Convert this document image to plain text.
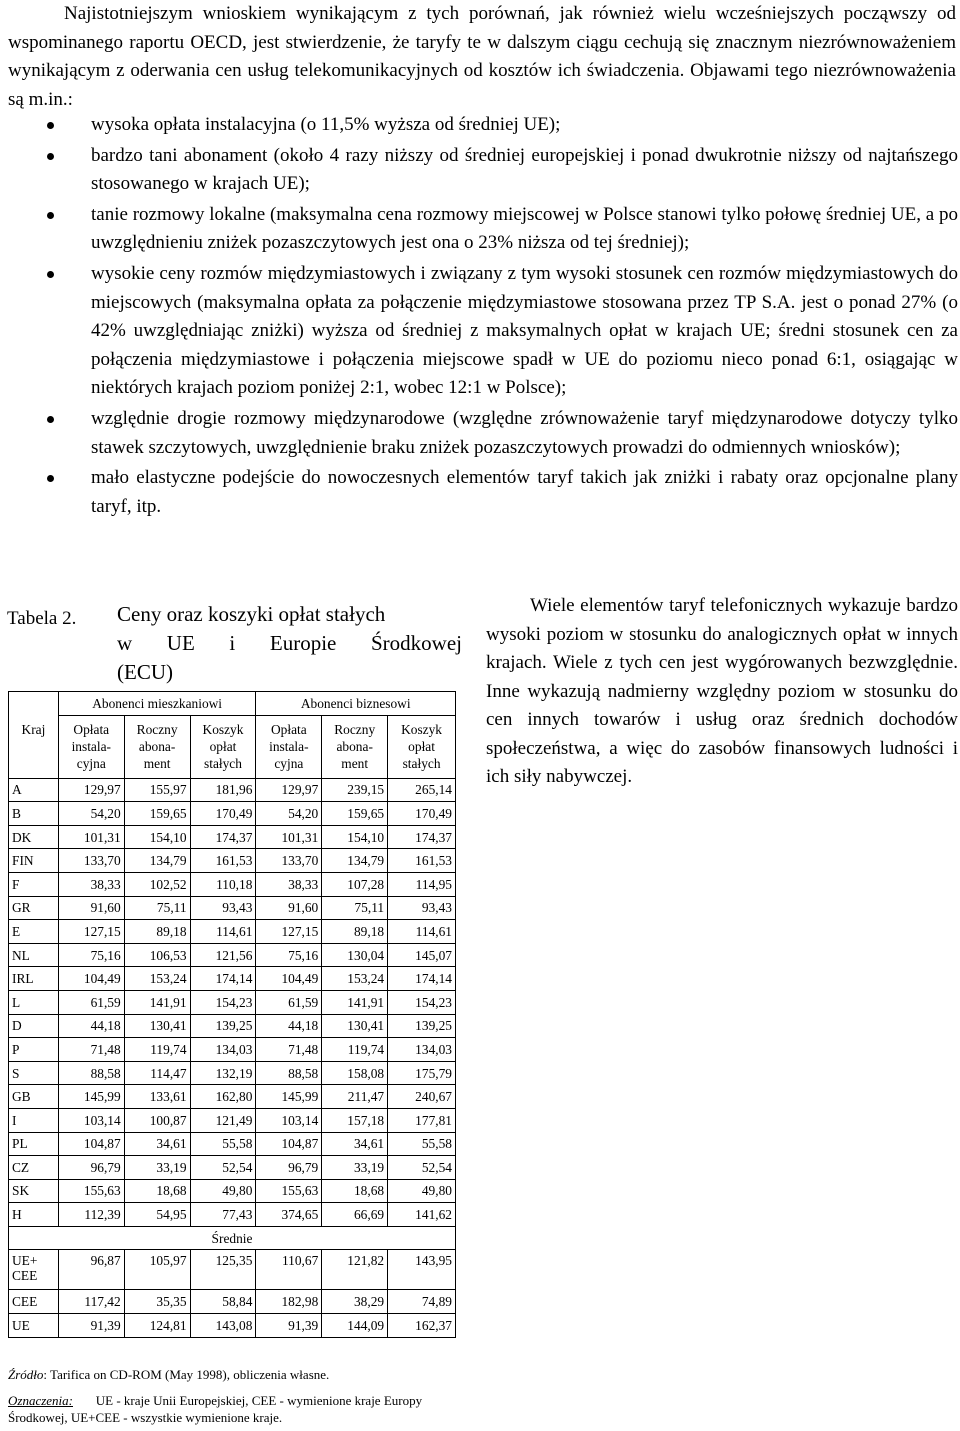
Najistotniejszym wnioskiem wynikającym z tych porównań, jak również wielu wcześniejszych począwszy od wspominanego raportu OECD, jest stwierdzenie, że taryfy te w dalszym ciągu cechują się znacznym niezrównoważeniem wynikającym z oderwania cen usług telekomunikacyjnych od kosztów ich świadczenia. Objawami tego niezrównoważenia są m.in.:

wysoka opłata instalacyjna (o 11,5% wyższa od średniej UE);
bardzo tani abonament (około 4 razy niższy od średniej europejskiej i ponad dwukrotnie niższy od najtańszego stosowanego w krajach UE);
tanie rozmowy lokalne (maksymalna cena rozmowy miejscowej w Polsce stanowi tylko połowę średniej UE, a po uwzględnieniu zniżek pozaszczytowych jest ona o 23% niższa od tej średniej);
wysokie ceny rozmów międzymiastowych i związany z tym wysoki stosunek cen rozmów międzymiastowych do miejscowych (maksymalna opłata za połączenie międzymiastowe stosowana przez TP S.A. jest o ponad 27% (o 42% uwzględniając zniżki) wyższa od średniej z maksymalnych opłat w krajach UE; średni stosunek cen za połączenia międzymiastowe i połączenia miejscowe spadł w UE do poziomu nieco ponad 6:1, osiągając w niektórych krajach poziom poniżej 2:1, wobec 12:1 w Polsce);
względnie drogie rozmowy międzynarodowe (względne zrównoważenie taryf międzynarodowe dotyczy tylko stawek szczytowych, uwzględnienie braku zniżek pozaszczytowych prowadzi do odmiennych wniosków);
mało elastyczne podejście do nowoczesnych elementów taryf takich jak zniżki i rabaty oraz opcjonalne plany taryf, itp.
Tabela 2. Ceny oraz koszyki opłat stałych
w UE i Europie Środkowej
(ECU)

Wiele elementów taryf telefonicznych wykazuje bardzo wysoki poziom w stosunku do analogicznych opłat w innych krajach. Wiele z tych cen jest wygórowanych bezwzględnie. Inne wykazują nadmierny względny poziom w stosunku do cen innych towarów i usług oraz średnich dochodów społeczeństwa, a więc do zasobów finansowych ludności i ich siły nabywczej.

Kraj	Abonenci mieszkaniowi			Abonenci biznesowi		
	Opłata instala-cyjna	Roczny abona-ment	Koszyk opłat stałych	Opłata instala-cyjna	Roczny abona-ment	Koszyk opłat stałych
A	129,97	155,97	181,96	129,97	239,15	265,14
B	54,20	159,65	170,49	54,20	159,65	170,49
DK	101,31	154,10	174,37	101,31	154,10	174,37
FIN	133,70	134,79	161,53	133,70	134,79	161,53
F	38,33	102,52	110,18	38,33	107,28	114,95
GR	91,60	75,11	93,43	91,60	75,11	93,43
E	127,15	89,18	114,61	127,15	89,18	114,61
NL	75,16	106,53	121,56	75,16	130,04	145,07
IRL	104,49	153,24	174,14	104,49	153,24	174,14
L	61,59	141,91	154,23	61,59	141,91	154,23
D	44,18	130,41	139,25	44,18	130,41	139,25
P	71,48	119,74	134,03	71,48	119,74	134,03
S	88,58	114,47	132,19	88,58	158,08	175,79
GB	145,99	133,61	162,80	145,99	211,47	240,67
I	103,14	100,87	121,49	103,14	157,18	177,81
PL	104,87	34,61	55,58	104,87	34,61	55,58
CZ	96,79	33,19	52,54	96,79	33,19	52,54
SK	155,63	18,68	49,80	155,63	18,68	49,80
H	112,39	54,95	77,43	374,65	66,69	141,62
Średnie						
UE+ CEE	96,87	105,97	125,35	110,67	121,82	143,95
CEE	117,42	35,35	58,84	182,98	38,29	74,89
UE	91,39	124,81	143,08	91,39	144,09	162,37
Źródło: Tarifica on CD-ROM (May 1998), obliczenia własne.
Oznaczenia: UE - kraje Unii Europejskiej, CEE - wymienione kraje Europy Środkowej, UE+CEE - wszystkie wymienione kraje.
